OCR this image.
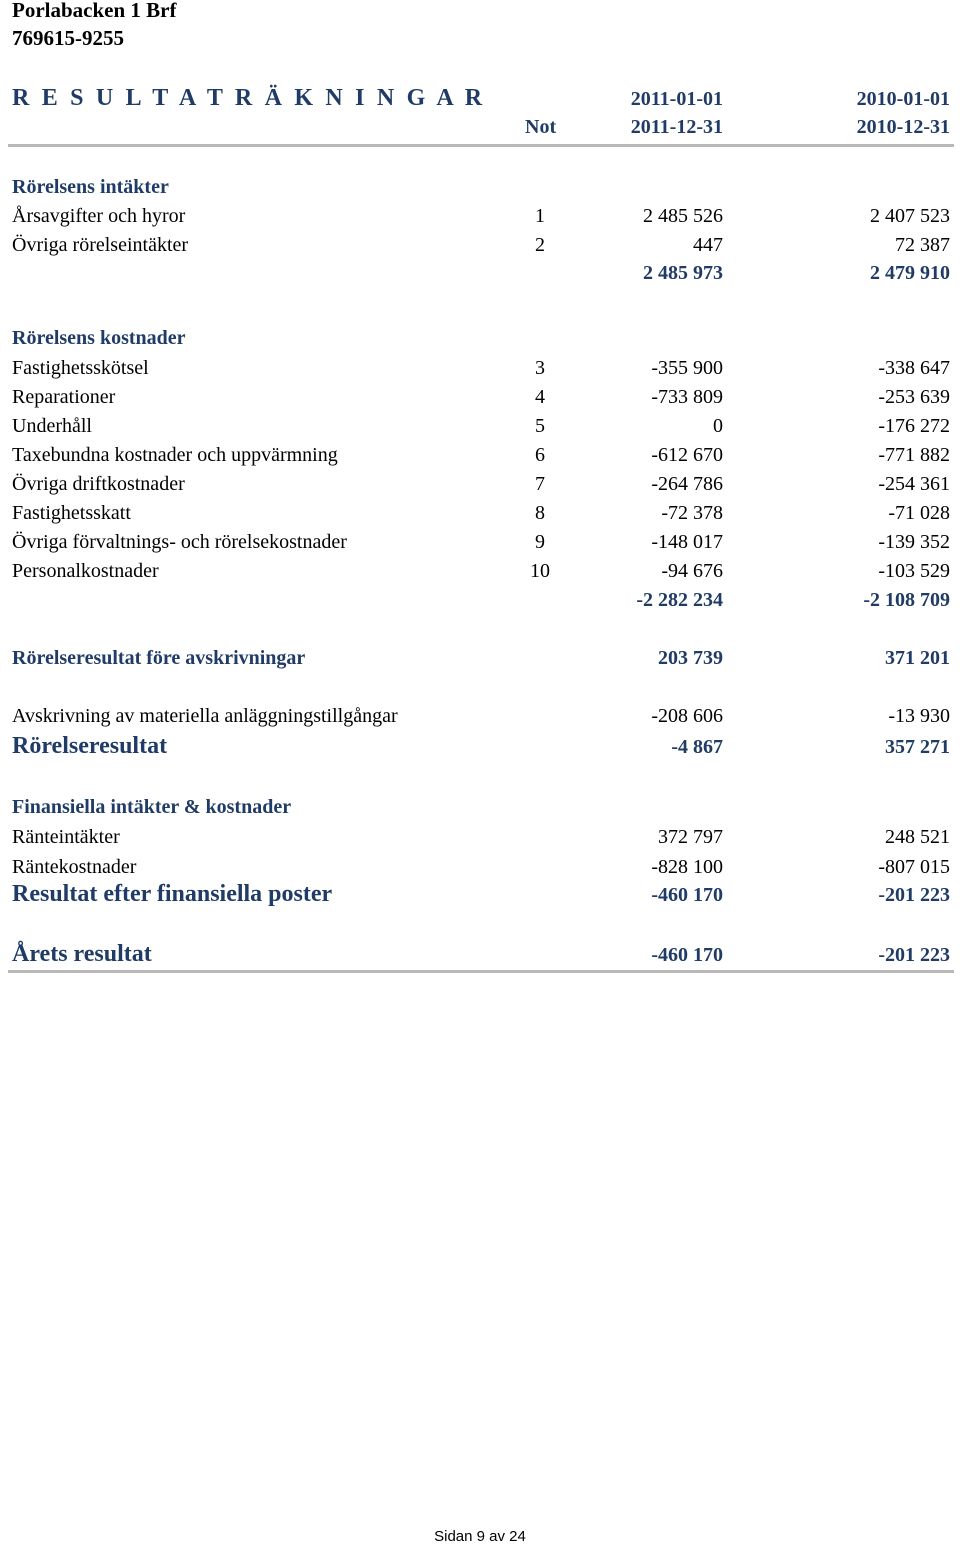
Porlabacken 1 Brf
769615-9255
R E S U L T A T R Ä K N I N G A R	2011-01-01	2010-01-01
Not	2011-12-31	2010-12-31
Rörelsens intäkter
Årsavgifter och hyror	1	2 485 526	2 407 523
Övriga rörelseintäkter	2	447	72 387
2 485 973	2 479 910
Rörelsens kostnader
Fastighetsskötsel	3	-355 900	-338 647
Reparationer	4	-733 809	-253 639
Underhåll	5	0	-176 272
Taxebundna kostnader och uppvärmning	6	-612 670	-771 882
Övriga driftkostnader	7	-264 786	-254 361
Fastighetsskatt	8	-72 378	-71 028
Övriga förvaltnings- och rörelsekostnader	9	-148 017	-139 352
Personalkostnader	10	-94 676	-103 529
-2 282 234	-2 108 709
Rörelseresultat före avskrivningar	203 739	371 201
Avskrivning av materiella anläggningstillgångar	-208 606	-13 930
Rörelseresultat	-4 867	357 271
Finansiella intäkter & kostnader
Ränteintäkter	372 797	248 521
Räntekostnader	-828 100	-807 015
Resultat efter finansiella poster	-460 170	-201 223
Årets resultat	-460 170	-201 223
Sidan 9 av 24
